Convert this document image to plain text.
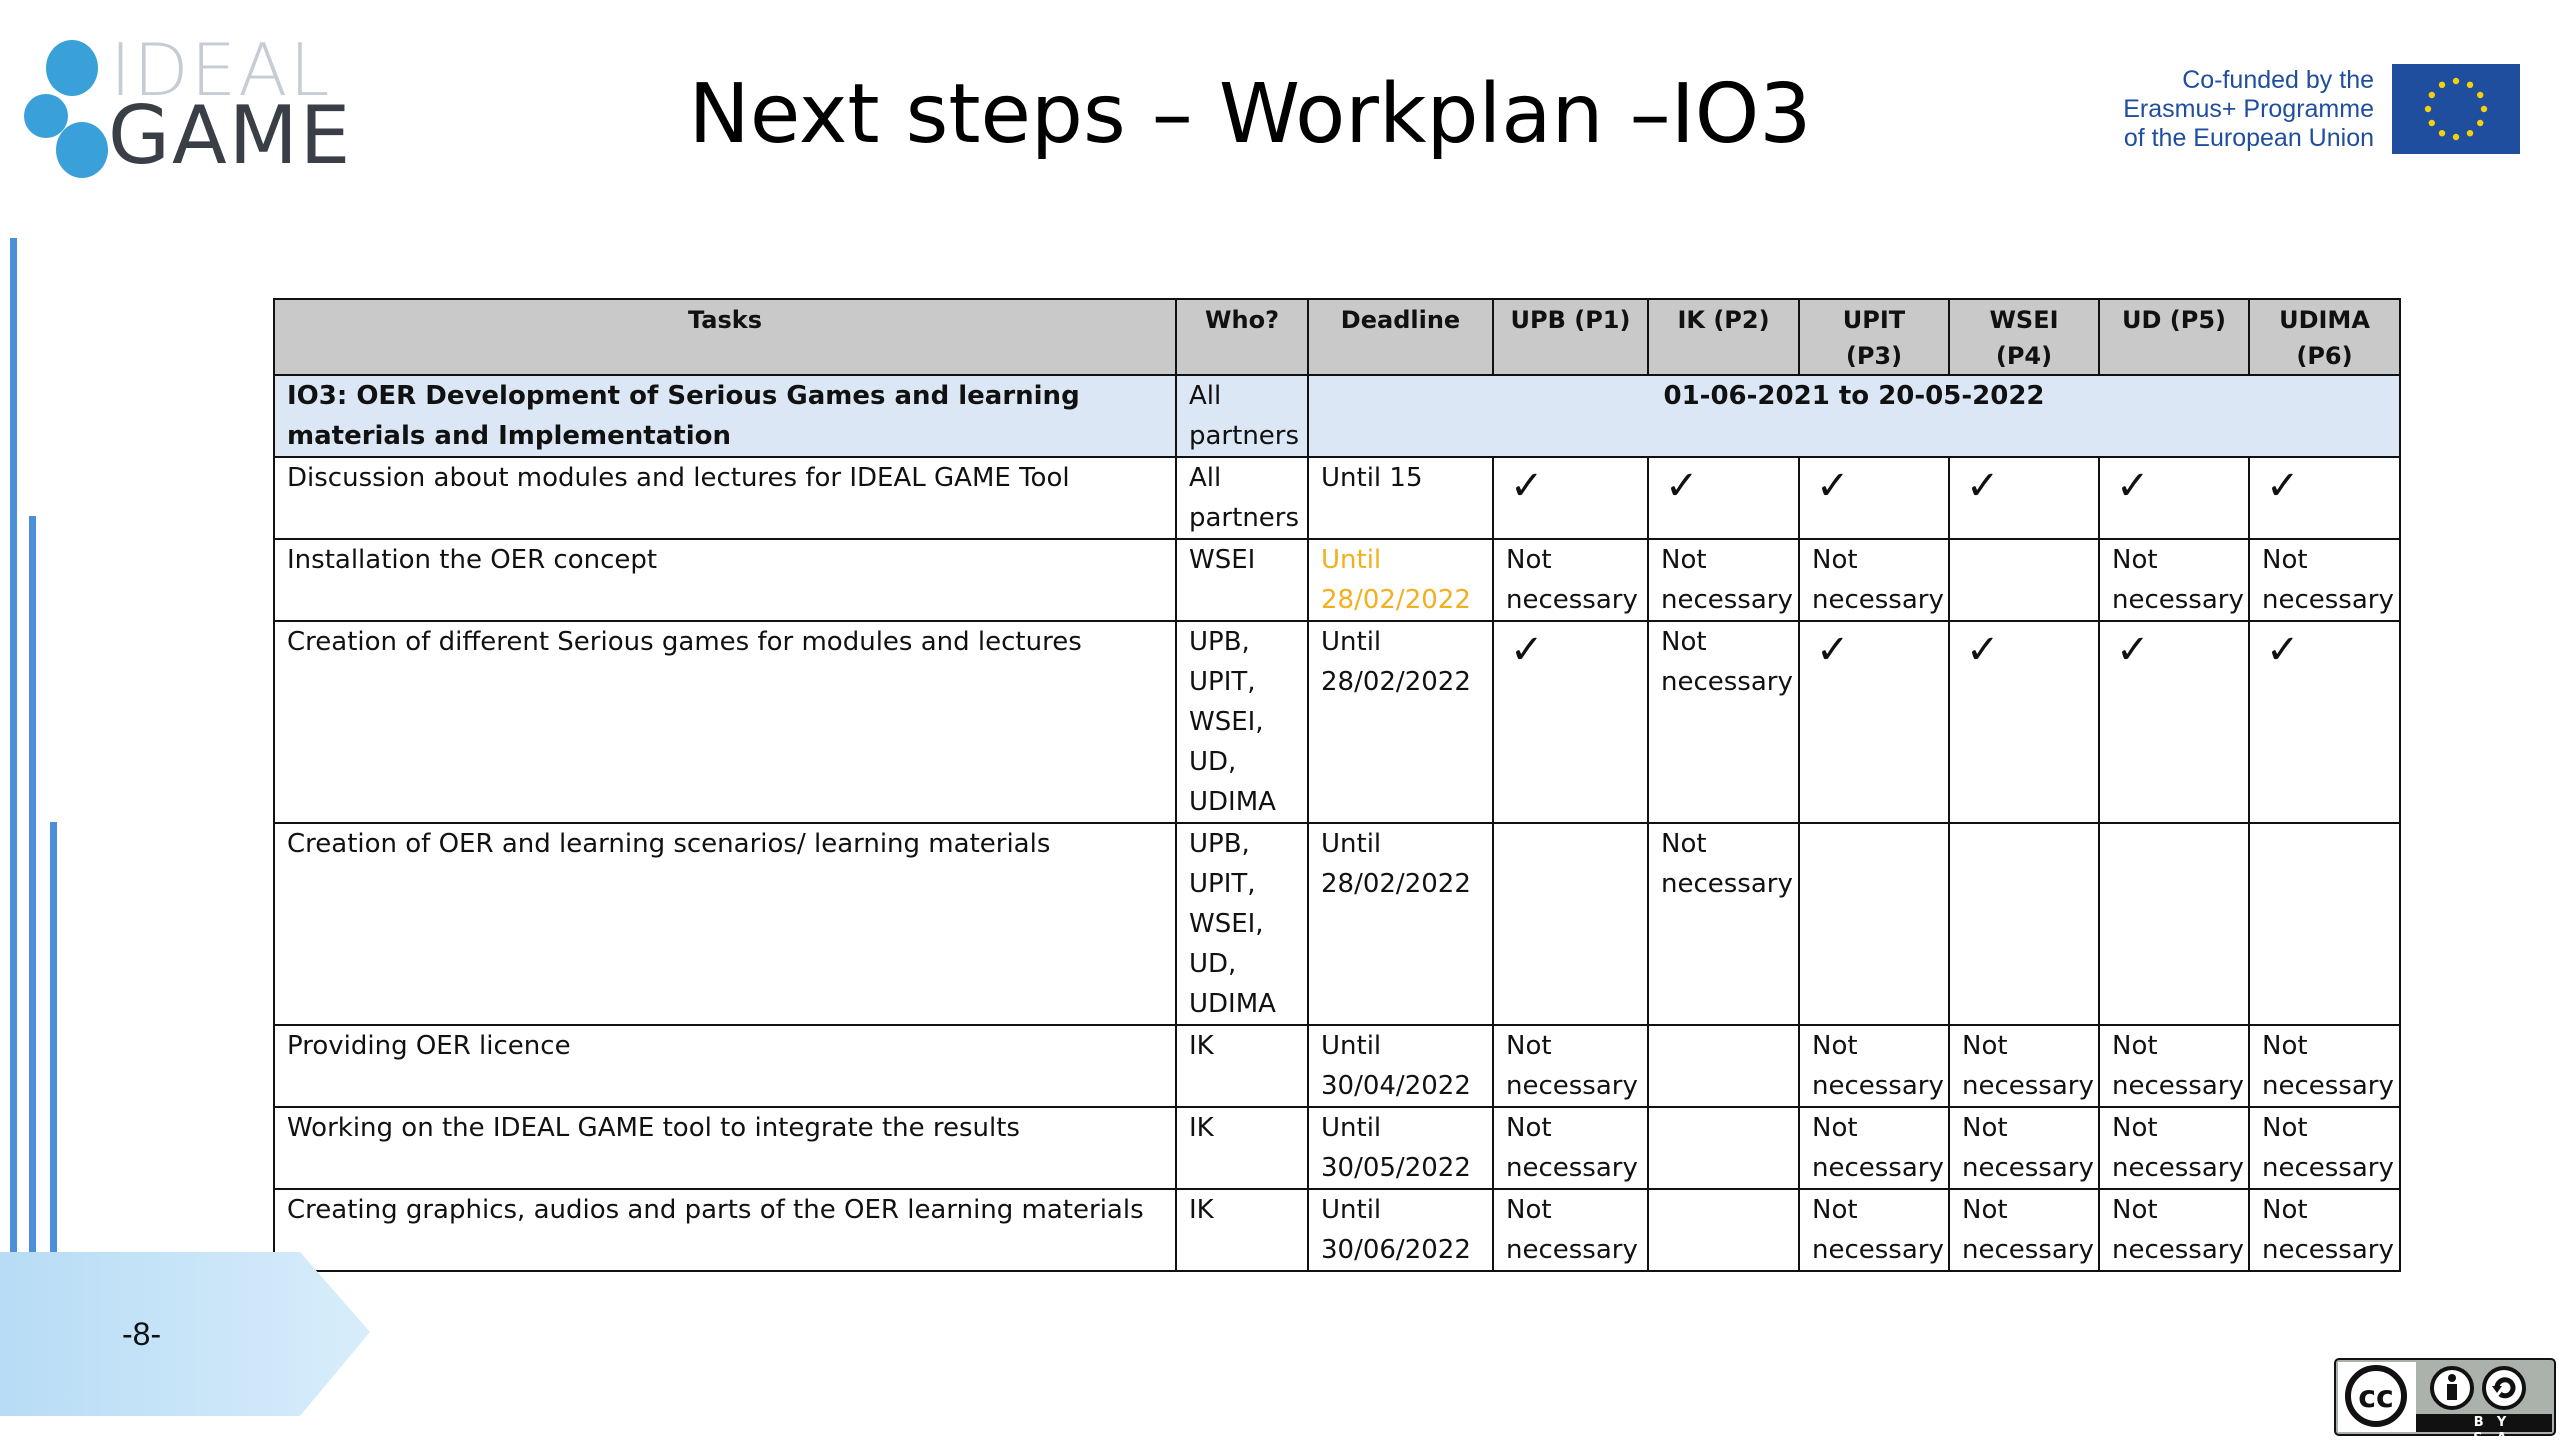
IDEAL
GAME	Next steps – Workplan –IO3	Co-funded by the
Erasmus+ Programme
of the European Union
Tasks	Who?	Deadline	UPB (P1)	IK (P2)	UPIT (P3)	WSEI (P4)	UD (P5)	UDIMA (P6)
IO3: OER Development of Serious Games and learning materials and Implementation	All partners	01-06-2021 to 20-05-2022						
Discussion about modules and lectures for IDEAL GAME Tool	All partners	Until 15	✓	✓	✓	✓	✓	✓
Installation the OER concept	WSEI	Until 28/02/2022	Not necessary	Not necessary	Not necessary		Not necessary	Not necessary
Creation of different Serious games for modules and lectures	UPB, UPIT, WSEI, UD, UDIMA	Until 28/02/2022	✓	Not necessary	✓	✓	✓	✓
Creation of OER and learning scenarios/ learning materials	UPB, UPIT, WSEI, UD, UDIMA	Until 28/02/2022		Not necessary				
Providing OER licence	IK	Until 30/04/2022	Not necessary		Not necessary	Not necessary	Not necessary	Not necessary
Working on the IDEAL GAME tool to integrate the results	IK	Until 30/05/2022	Not necessary		Not necessary	Not necessary	Not necessary	Not necessary
Creating graphics, audios and parts of the OER learning materials	IK	Until 30/06/2022	Not necessary		Not necessary	Not necessary	Not necessary	Not necessary
-8-
cc
BY SA
